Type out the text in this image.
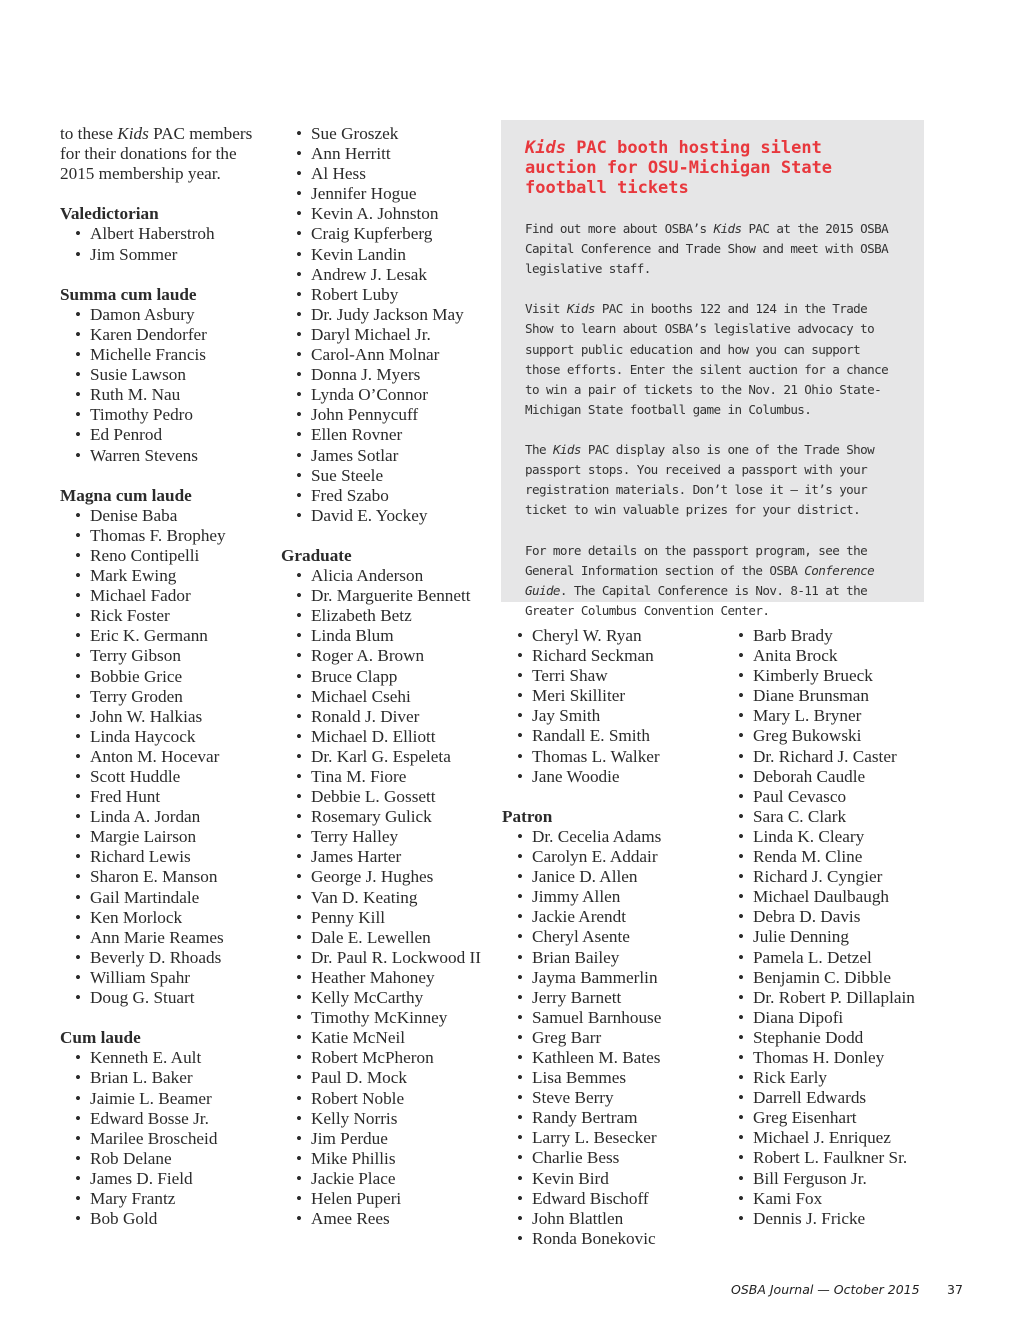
to these Kids PAC members for their donations for the 2015 membership year.

Valedictorian

• Albert Haberstroh
• Jim Sommer

Summa cum laude

• Damon Asbury
• Karen Dendorfer
• Michelle Francis
• Susie Lawson
• Ruth M. Nau
• Timothy Pedro
• Ed Penrod
• Warren Stevens

Magna cum laude

• Denise Baba
• Thomas F. Brophey
• Reno Contipelli
• Mark Ewing
• Michael Fador
• Rick Foster
• Eric K. Germann
• Terry Gibson
• Bobbie Grice
• Terry Groden
• John W. Halkias
• Linda Haycock
• Anton M. Hocevar
• Scott Huddle
• Fred Hunt
• Linda A. Jordan
• Margie Lairson
• Richard Lewis
• Sharon E. Manson
• Gail Martindale
• Ken Morlock
• Ann Marie Reames
• Beverly D. Rhoads
• William Spahr
• Doug G. Stuart

Cum laude

• Kenneth E. Ault
• Brian L. Baker
• Jaimie L. Beamer
• Edward Bosse Jr.
• Marilee Broscheid
• Rob Delane
• James D. Field
• Mary Frantz
• Bob Gold
• Sue Groszek
• Ann Herritt
• Al Hess
• Jennifer Hogue
• Kevin A. Johnston
• Craig Kupferberg
• Kevin Landin
• Andrew J. Lesak
• Robert Luby
• Dr. Judy Jackson May
• Daryl Michael Jr.
• Carol-Ann Molnar
• Donna J. Myers
• Lynda O’Connor
• John Pennycuff
• Ellen Rovner
• James Sotlar
• Sue Steele
• Fred Szabo
• David E. Yockey

Graduate

• Alicia Anderson
• Dr. Marguerite Bennett
• Elizabeth Betz
• Linda Blum
• Roger A. Brown
• Bruce Clapp
• Michael Csehi
• Ronald J. Diver
• Michael D. Elliott
• Dr. Karl G. Espeleta
• Tina M. Fiore
• Debbie L. Gossett
• Rosemary Gulick
• Terry Halley
• James Harter
• George J. Hughes
• Van D. Keating
• Penny Kill
• Dale E. Lewellen
• Dr. Paul R. Lockwood II
• Heather Mahoney
• Kelly McCarthy
• Timothy McKinney
• Katie McNeil
• Robert McPheron
• Paul D. Mock
• Robert Noble
• Kelly Norris
• Jim Perdue
• Mike Phillis
• Jackie Place
• Helen Puperi
• Amee Rees

Kids PAC booth hosting silent auction for OSU-Michigan State football tickets

Find out more about OSBA’s Kids PAC at the 2015 OSBA Capital Conference and Trade Show and meet with OSBA legislative staff.

Visit Kids PAC in booths 122 and 124 in the Trade Show to learn about OSBA’s legislative advocacy to support public education and how you can support those efforts. Enter the silent auction for a chance to win a pair of tickets to the Nov. 21 Ohio State-Michigan State football game in Columbus.

The Kids PAC display also is one of the Trade Show passport stops. You received a passport with your registration materials. Don’t lose it — it’s your ticket to win valuable prizes for your district.

For more details on the passport program, see the General Information section of the OSBA Conference Guide. The Capital Conference is Nov. 8-11 at the Greater Columbus Convention Center.

• Cheryl W. Ryan
• Richard Seckman
• Terri Shaw
• Meri Skilliter
• Jay Smith
• Randall E. Smith
• Thomas L. Walker
• Jane Woodie

Patron

• Dr. Cecelia Adams
• Carolyn E. Addair
• Janice D. Allen
• Jimmy Allen
• Jackie Arendt
• Cheryl Asente
• Brian Bailey
• Jayma Bammerlin
• Jerry Barnett
• Samuel Barnhouse
• Greg Barr
• Kathleen M. Bates
• Lisa Bemmes
• Steve Berry
• Randy Bertram
• Larry L. Besecker
• Charlie Bess
• Kevin Bird
• Edward Bischoff
• John Blattlen
• Ronda Bonekovic
• Barb Brady
• Anita Brock
• Kimberly Brueck
• Diane Brunsman
• Mary L. Bryner
• Greg Bukowski
• Dr. Richard J. Caster
• Deborah Caudle
• Paul Cevasco
• Sara C. Clark
• Linda K. Cleary
• Renda M. Cline
• Richard J. Cyngier
• Michael Daulbaugh
• Debra D. Davis
• Julie Denning
• Pamela L. Detzel
• Benjamin C. Dibble
• Dr. Robert P. Dillaplain
• Diana Dipofi
• Stephanie Dodd
• Thomas H. Donley
• Rick Early
• Darrell Edwards
• Greg Eisenhart
• Michael J. Enriquez
• Robert L. Faulkner Sr.
• Bill Ferguson Jr.
• Kami Fox
• Dennis J. Fricke
OSBA Journal — October 2015 37
